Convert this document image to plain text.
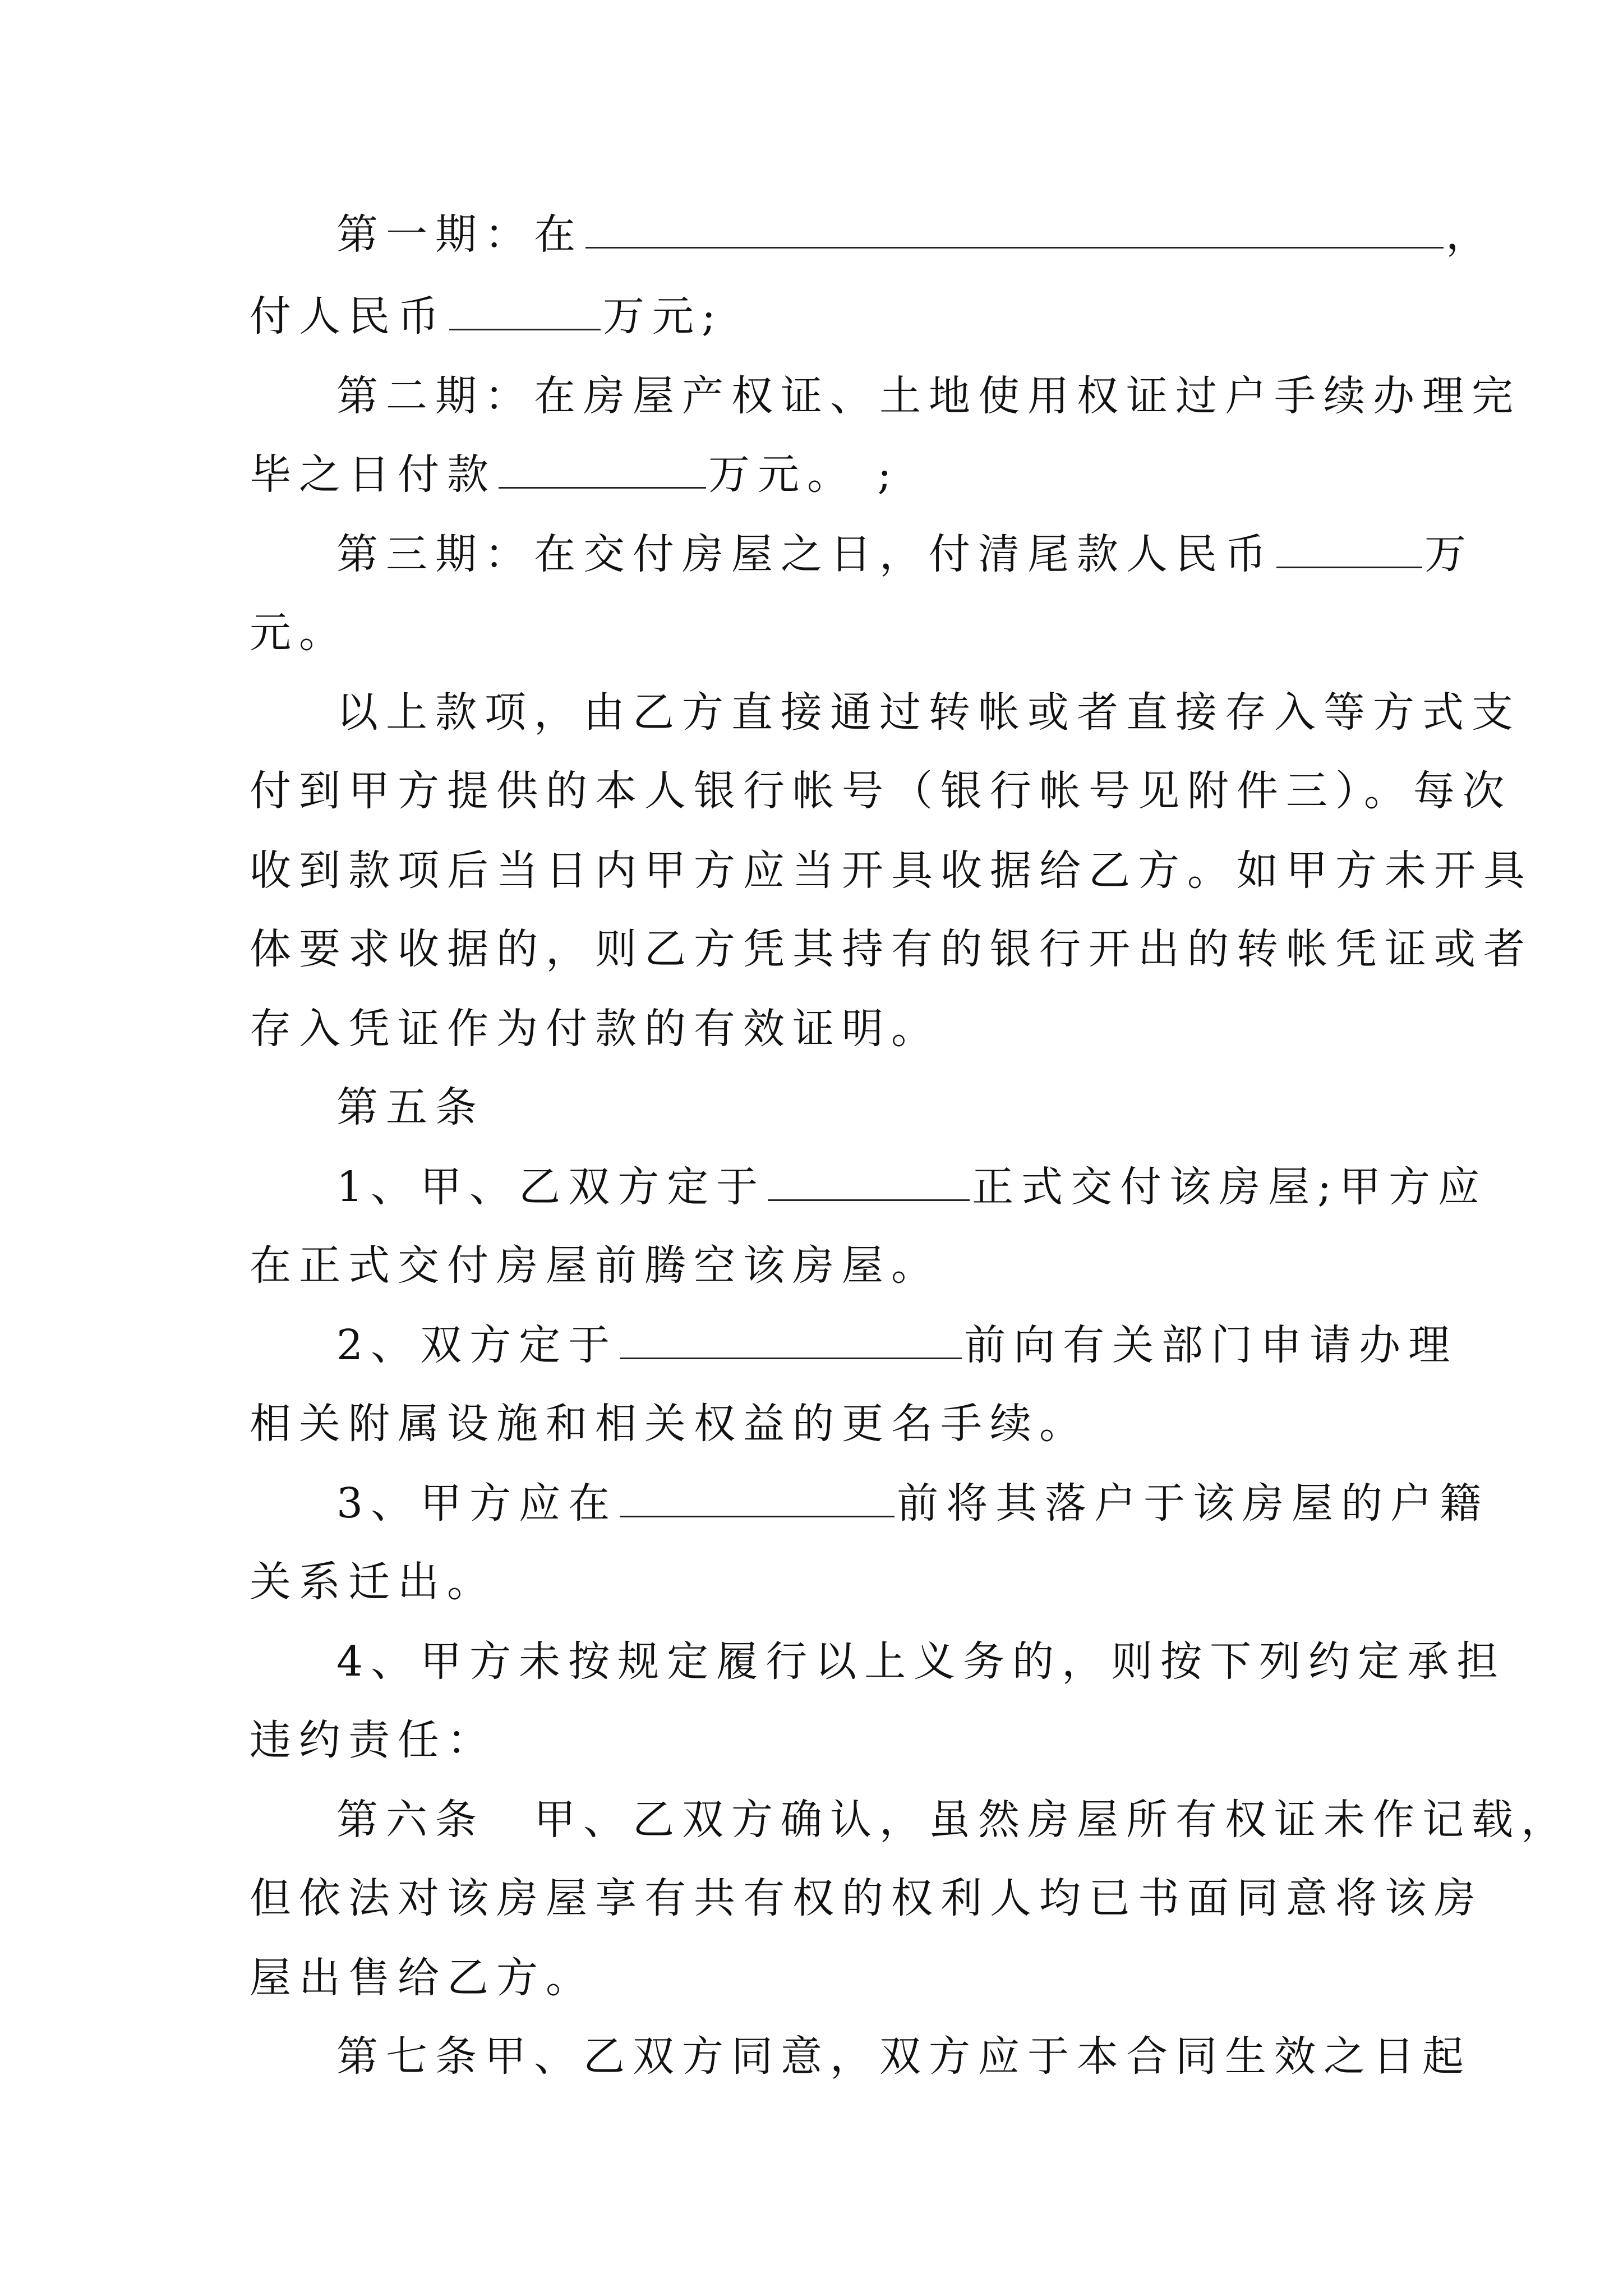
第一期：在	，
付人民币	万元;
第二期：在房屋产权证、土地使用权证过户手续办理完
毕之日付款	万元。 ;
第三期：在交付房屋之日，付清尾款人民币	万
元。
以上款项，由乙方直接通过转帐或者直接存入等方式支
付到甲方提供的本人银行帐号（银行帐号见附件三）。每次
收到款项后当日内甲方应当开具收据给乙方。如甲方未开具
体要求收据的，则乙方凭其持有的银行开出的转帐凭证或者
存入凭证作为付款的有效证明。
第五条
1、甲、乙双方定于	正式交付该房屋;甲方应
在正式交付房屋前腾空该房屋。
2、双方定于	前向有关部门申请办理
相关附属设施和相关权益的更名手续。
3、甲方应在	前将其落户于该房屋的户籍
关系迁出。
4、甲方未按规定履行以上义务的，则按下列约定承担
违约责任：
第六条　甲、乙双方确认，虽然房屋所有权证未作记载，
但依法对该房屋享有共有权的权利人均已书面同意将该房
屋出售给乙方。
第七条甲、乙双方同意，双方应于本合同生效之日起
